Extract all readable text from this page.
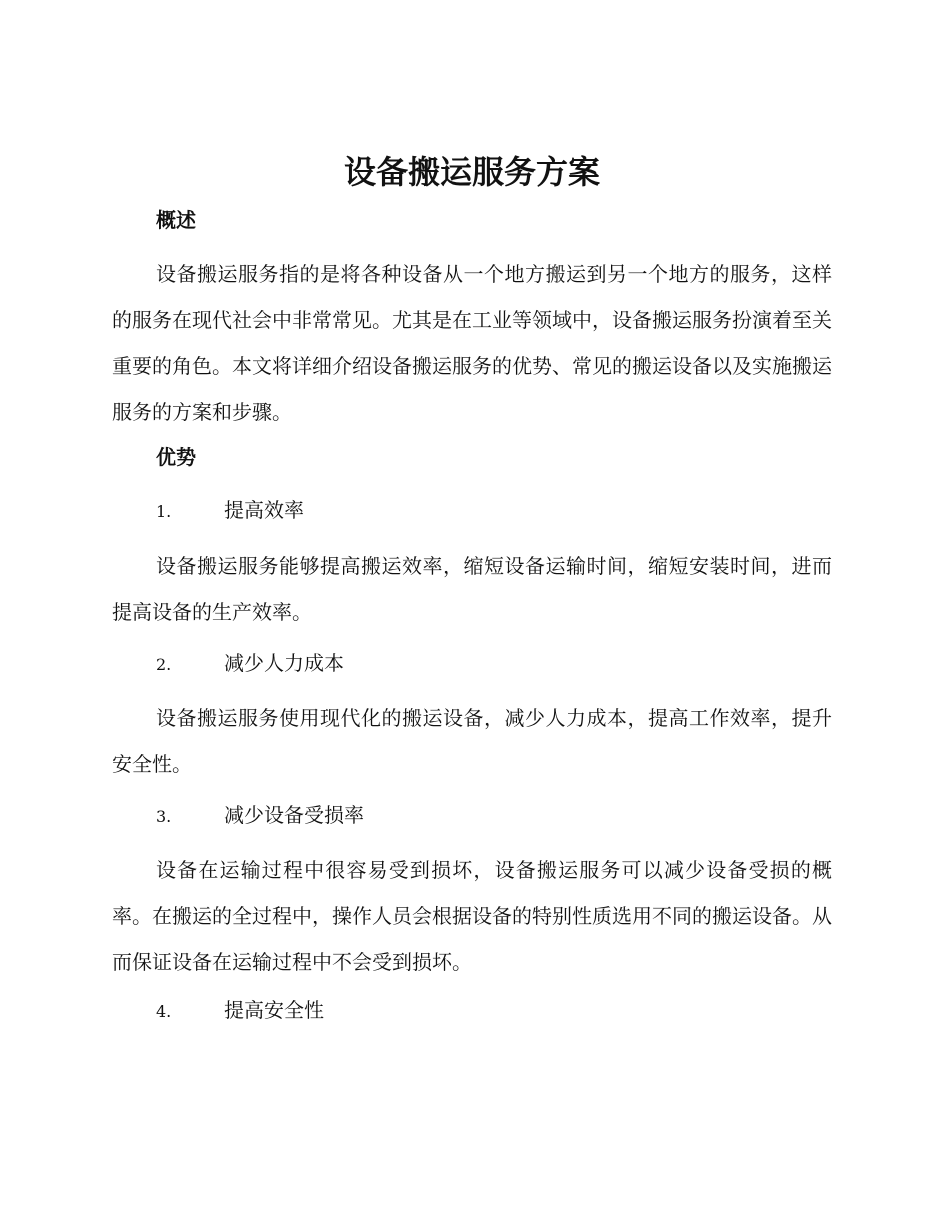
设备搬运服务方案
概述

设备搬运服务指的是将各种设备从一个地方搬运到另一个地方的服务，这样的服务在现代社会中非常常见。尤其是在工业等领域中，设备搬运服务扮演着至关重要的角色。本文将详细介绍设备搬运服务的优势、常见的搬运设备以及实施搬运服务的方案和步骤。

优势
1.	提高效率

设备搬运服务能够提高搬运效率，缩短设备运输时间，缩短安装时间，进而提高设备的生产效率。

2.	减少人力成本

设备搬运服务使用现代化的搬运设备，减少人力成本，提高工作效率，提升安全性。

3.	减少设备受损率

设备在运输过程中很容易受到损坏，设备搬运服务可以减少设备受损的概率。在搬运的全过程中，操作人员会根据设备的特别性质选用不同的搬运设备。从而保证设备在运输过程中不会受到损坏。

4.	提高安全性
